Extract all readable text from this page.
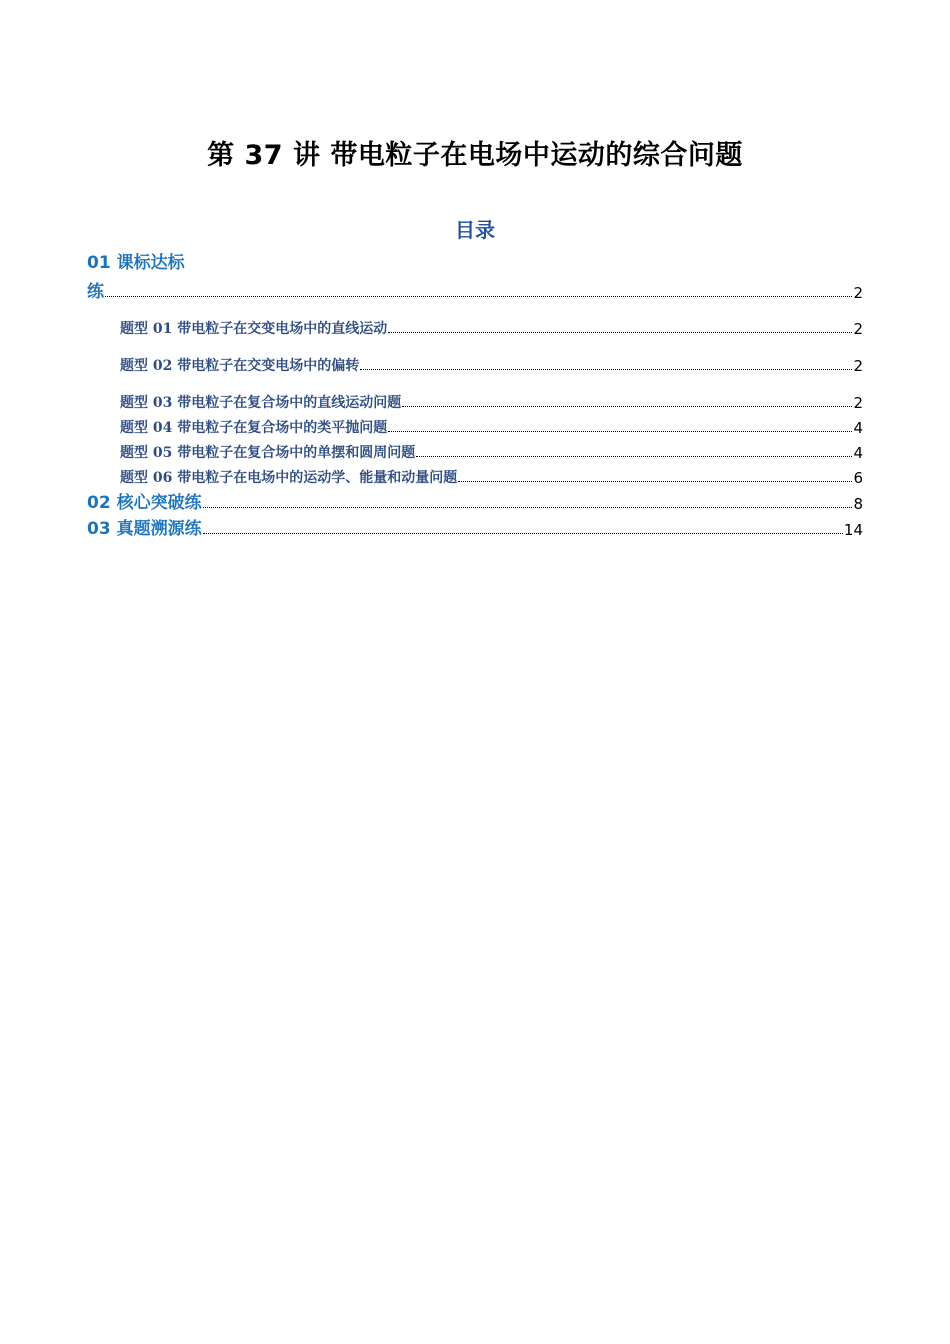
第 37 讲 带电粒子在电场中运动的综合问题
目录
01 课标达标
练	2
题型 01 带电粒子在交变电场中的直线运动	2
题型 02 带电粒子在交变电场中的偏转	2
题型 03 带电粒子在复合场中的直线运动问题	2
题型 04 带电粒子在复合场中的类平抛问题	4
题型 05 带电粒子在复合场中的单摆和圆周问题	4
题型 06 带电粒子在电场中的运动学、能量和动量问题	6
02 核心突破练	8
03 真题溯源练	14
